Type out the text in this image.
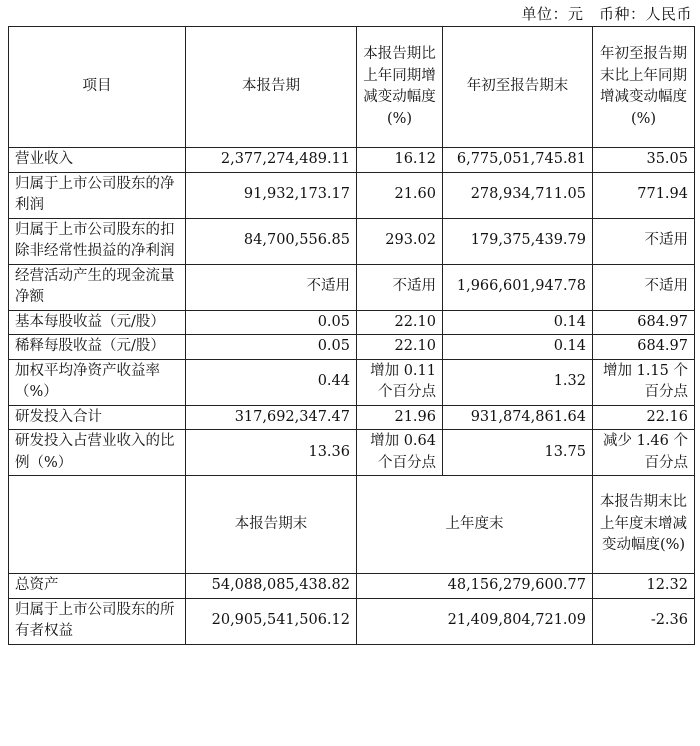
单位：元　币种：人民币
项目	本报告期	本报告期比上年同期增减变动幅度(%)	年初至报告期末	年初至报告期末比上年同期增减变动幅度(%)
营业收入	2,377,274,489.11	16.12	6,775,051,745.81	35.05
归属于上市公司股东的净利润	91,932,173.17	21.60	278,934,711.05	771.94
归属于上市公司股东的扣除非经常性损益的净利润	84,700,556.85	293.02	179,375,439.79	不适用
经营活动产生的现金流量净额	不适用	不适用	1,966,601,947.78	不适用
基本每股收益（元/股）	0.05	22.10	0.14	684.97
稀释每股收益（元/股）	0.05	22.10	0.14	684.97
加权平均净资产收益率（%）	0.44	增加 0.11 个百分点	1.32	增加 1.15 个百分点
研发投入合计	317,692,347.47	21.96	931,874,861.64	22.16
研发投入占营业收入的比例（%）	13.36	增加 0.64 个百分点	13.75	减少 1.46 个百分点
	本报告期末	上年度末		本报告期末比上年度末增减变动幅度(%)
总资产	54,088,085,438.82	48,156,279,600.77		12.32
归属于上市公司股东的所有者权益	20,905,541,506.12	21,409,804,721.09		-2.36
